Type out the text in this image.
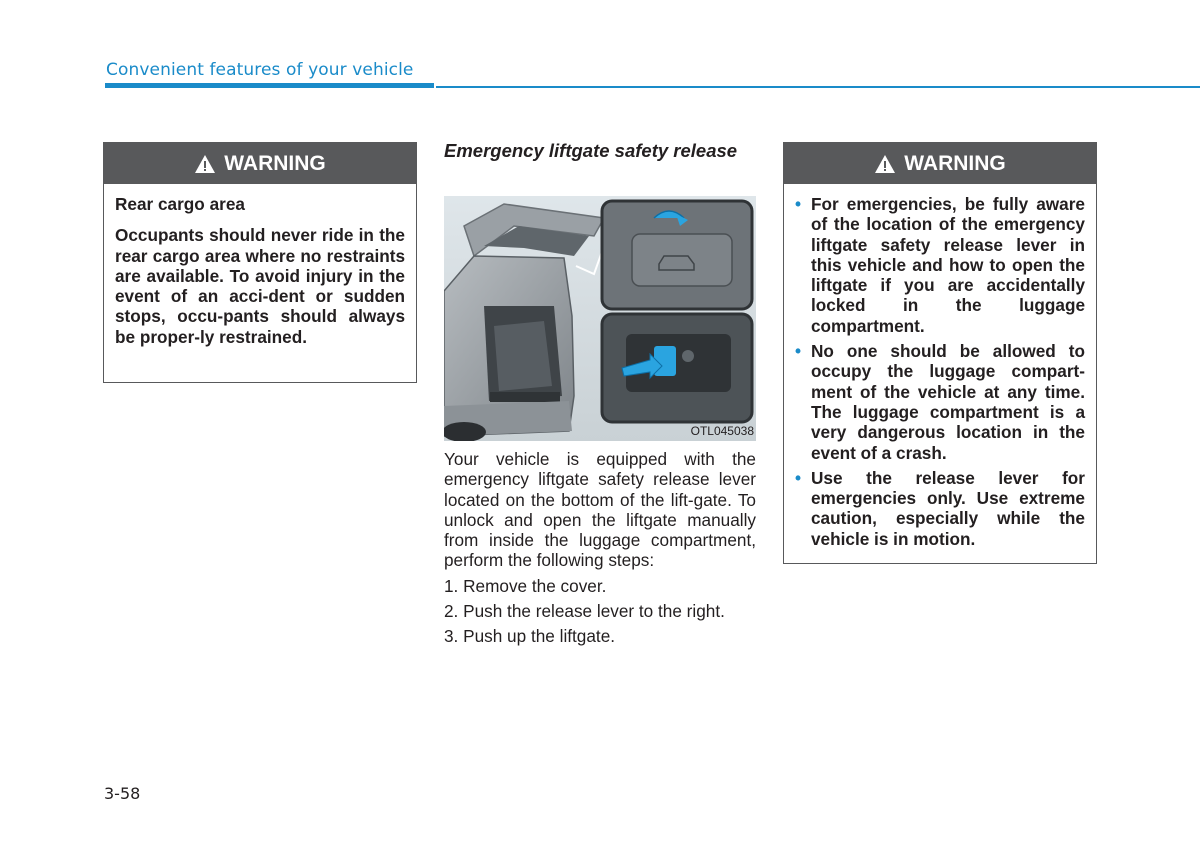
Convenient features of your vehicle
WARNING

Rear cargo area

Occupants should never ride in the rear cargo area where no restraints are available. To avoid injury in the event of an acci-dent or sudden stops, occu-pants should always be proper-ly restrained.

Emergency liftgate safety release
OTL045038

Your vehicle is equipped with the emergency liftgate safety release lever located on the bottom of the lift-gate. To unlock and open the liftgate manually from inside the luggage compartment, perform the following steps:

1. Remove the cover.
2. Push the release lever to the right.
3. Push up the liftgate.
WARNING
• For emergencies, be fully aware of the location of the emergency liftgate safety release lever in this vehicle and how to open the liftgate if you are accidentally locked in the luggage compartment.
• No one should be allowed to occupy the luggage compart-ment of the vehicle at any time. The luggage compartment is a very dangerous location in the event of a crash.
• Use the release lever for emergencies only. Use extreme caution, especially while the vehicle is in motion.
3-58
